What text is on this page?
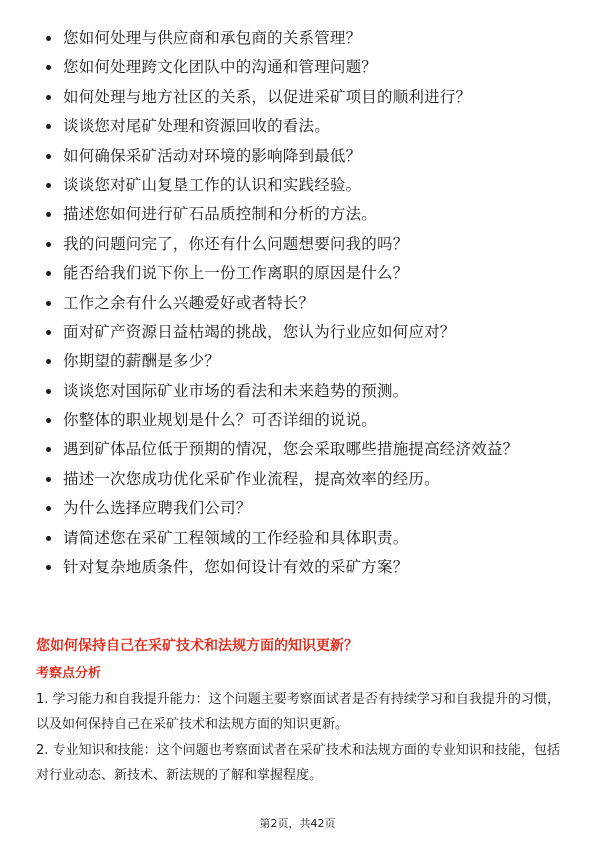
您如何处理与供应商和承包商的关系管理？
您如何处理跨文化团队中的沟通和管理问题？
如何处理与地方社区的关系，以促进采矿项目的顺利进行？
谈谈您对尾矿处理和资源回收的看法。
如何确保采矿活动对环境的影响降到最低？
谈谈您对矿山复垦工作的认识和实践经验。
描述您如何进行矿石品质控制和分析的方法。
我的问题问完了，你还有什么问题想要问我的吗？
能否给我们说下你上一份工作离职的原因是什么？
工作之余有什么兴趣爱好或者特长？
面对矿产资源日益枯竭的挑战，您认为行业应如何应对？
你期望的薪酬是多少？
谈谈您对国际矿业市场的看法和未来趋势的预测。
你整体的职业规划是什么？可否详细的说说。
遇到矿体品位低于预期的情况，您会采取哪些措施提高经济效益？
描述一次您成功优化采矿作业流程，提高效率的经历。
为什么选择应聘我们公司？
请简述您在采矿工程领域的工作经验和具体职责。
针对复杂地质条件，您如何设计有效的采矿方案？
您如何保持自己在采矿技术和法规方面的知识更新？
考察点分析

1. 学习能力和自我提升能力：这个问题主要考察面试者是否有持续学习和自我提升的习惯，以及如何保持自己在采矿技术和法规方面的知识更新。

2. 专业知识和技能：这个问题也考察面试者在采矿技术和法规方面的专业知识和技能，包括对行业动态、新技术、新法规的了解和掌握程度。

第2页，共42页
